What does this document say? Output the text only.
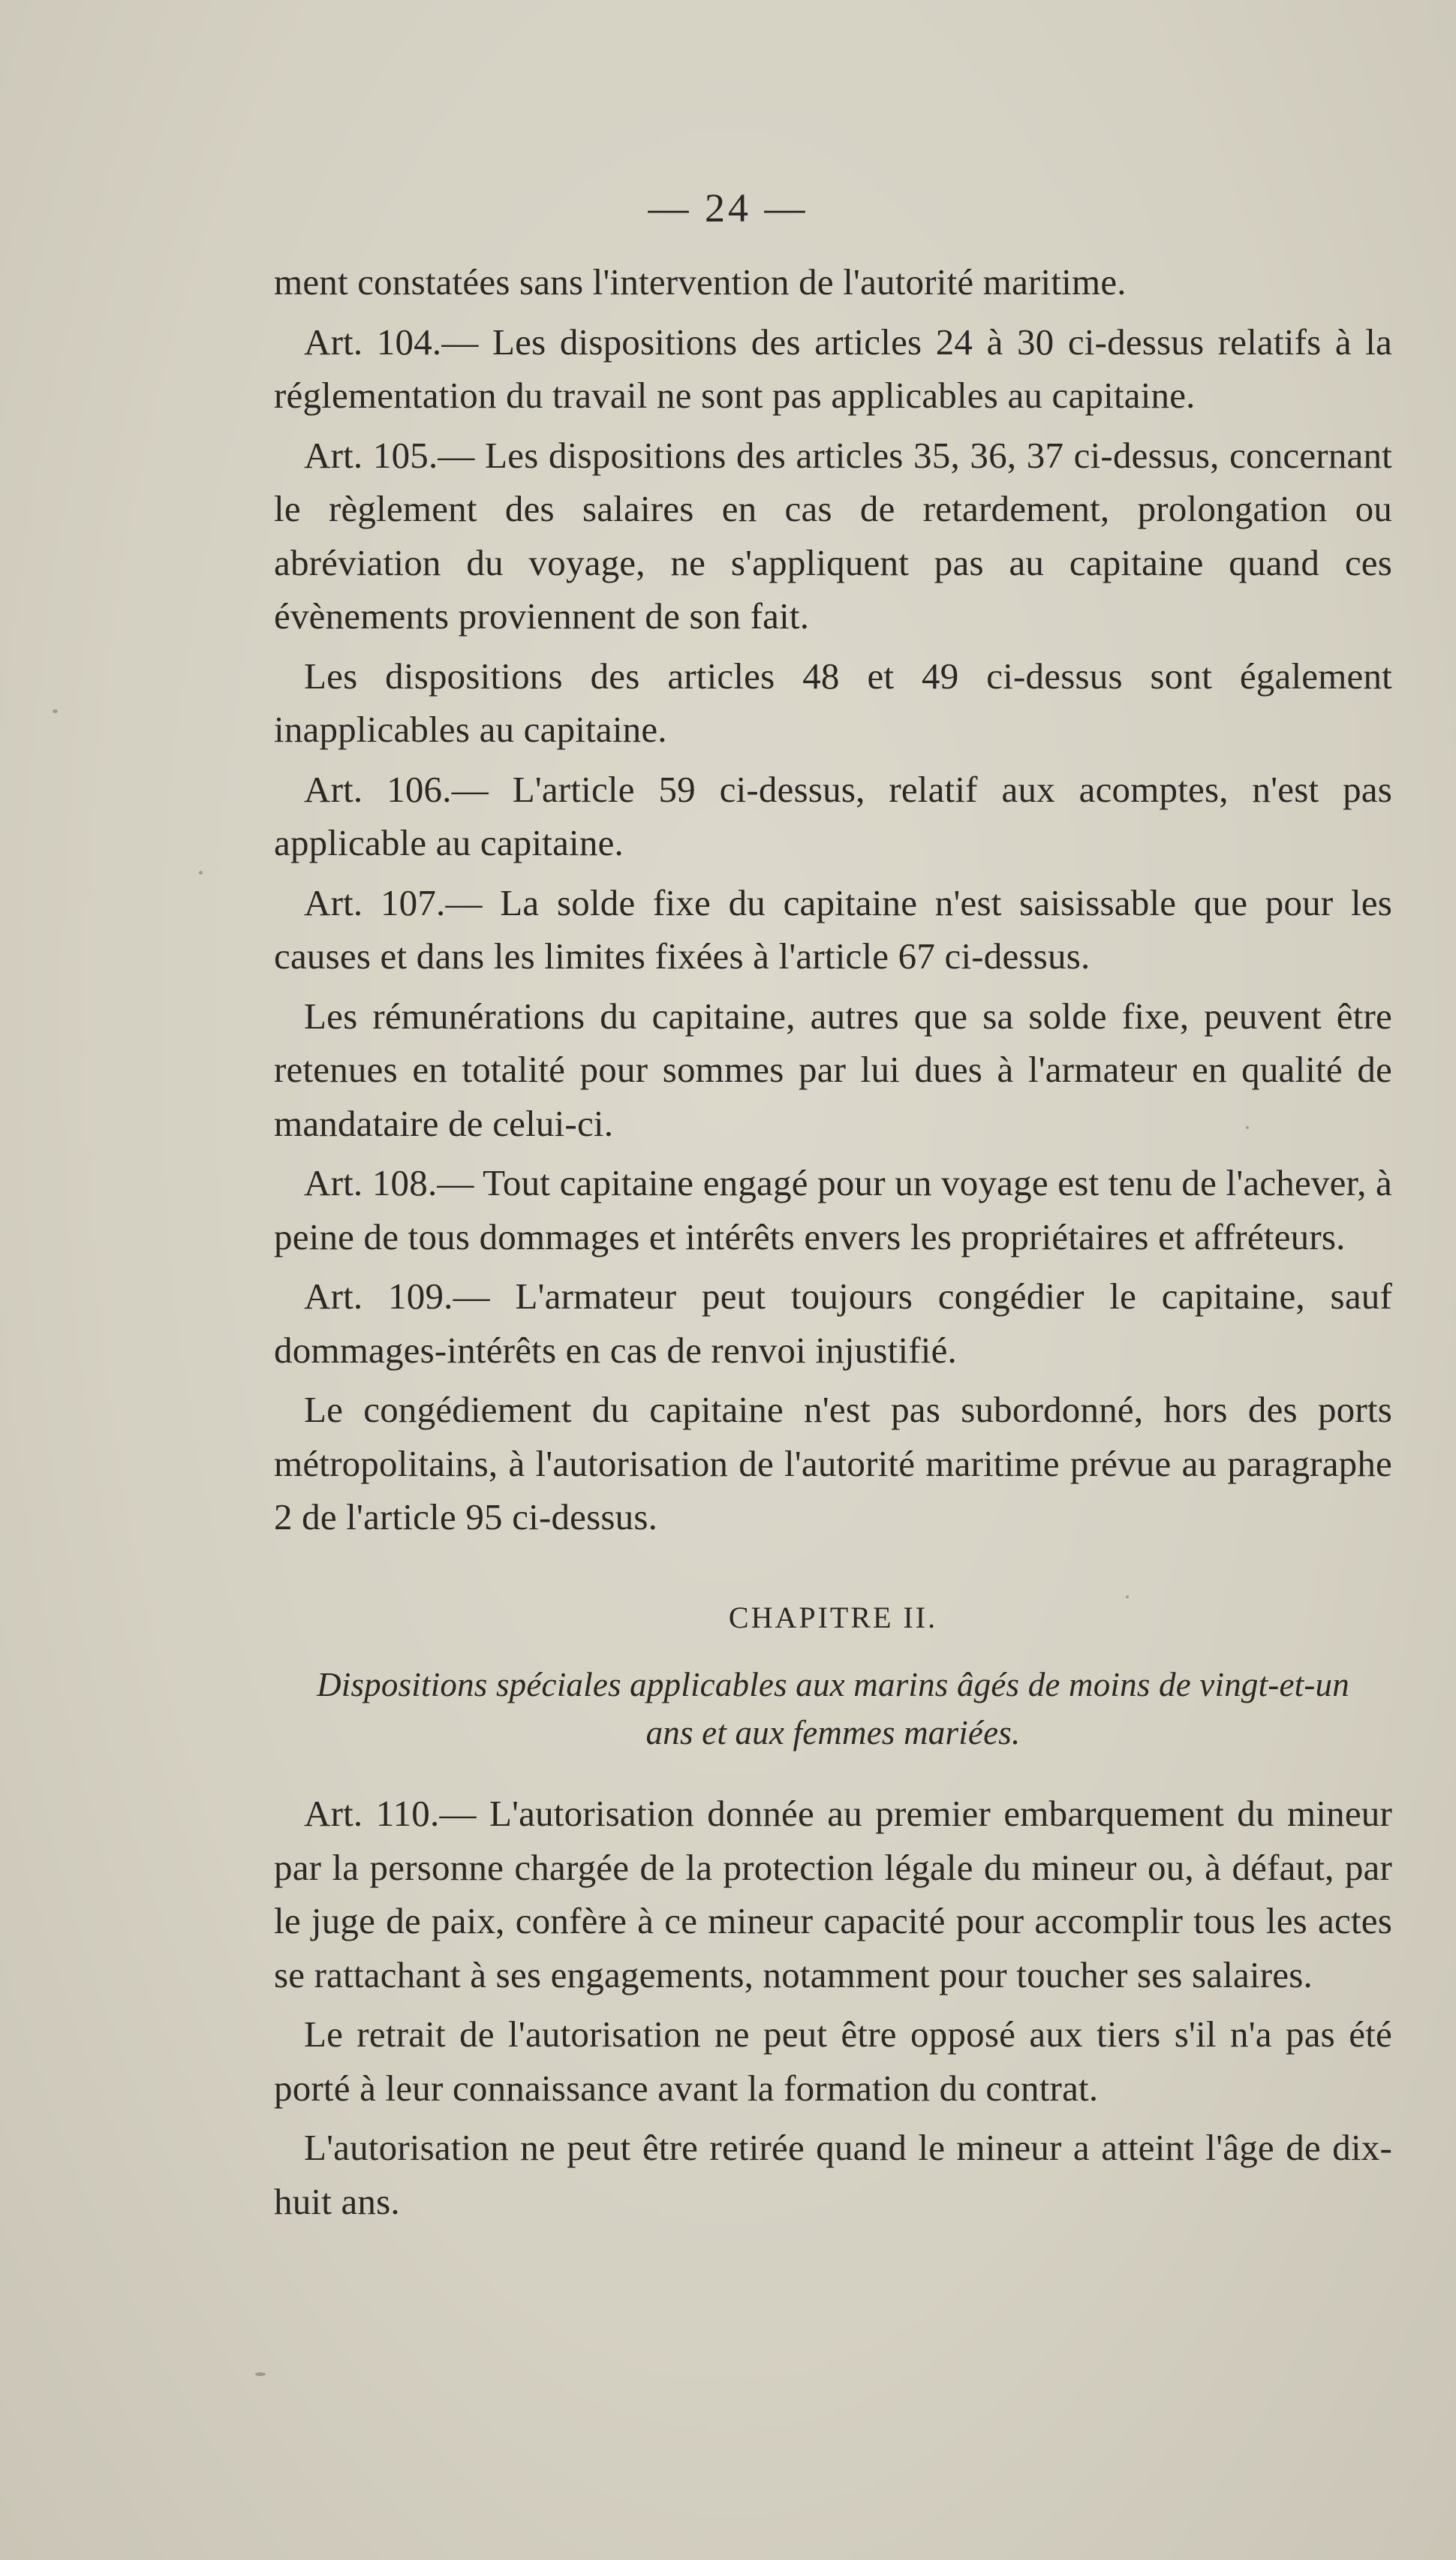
— 24 —

ment constatées sans l'intervention de l'autorité maritime.

Art. 104.— Les dispositions des articles 24 à 30 ci-dessus relatifs à la réglementation du travail ne sont pas applicables au capitaine.

Art. 105.— Les dispositions des articles 35, 36, 37 ci-dessus, concernant le règlement des salaires en cas de retardement, prolongation ou abréviation du voyage, ne s'appliquent pas au capitaine quand ces évènements proviennent de son fait.

Les dispositions des articles 48 et 49 ci-dessus sont également inapplicables au capitaine.

Art. 106.— L'article 59 ci-dessus, relatif aux acomptes, n'est pas applicable au capitaine.

Art. 107.— La solde fixe du capitaine n'est saisissable que pour les causes et dans les limites fixées à l'article 67 ci-dessus.

Les rémunérations du capitaine, autres que sa solde fixe, peuvent être retenues en totalité pour sommes par lui dues à l'armateur en qualité de mandataire de celui-ci.

Art. 108.— Tout capitaine engagé pour un voyage est tenu de l'achever, à peine de tous dommages et intérêts envers les propriétaires et affréteurs.

Art. 109.— L'armateur peut toujours congédier le capitaine, sauf dommages-intérêts en cas de renvoi injustifié.

Le congédiement du capitaine n'est pas subordonné, hors des ports métropolitains, à l'autorisation de l'autorité maritime prévue au paragraphe 2 de l'article 95 ci-dessus.

CHAPITRE II.

Dispositions spéciales applicables aux marins âgés de moins de vingt-et-un ans et aux femmes mariées.

Art. 110.— L'autorisation donnée au premier embarquement du mineur par la personne chargée de la protection légale du mineur ou, à défaut, par le juge de paix, confère à ce mineur capacité pour accomplir tous les actes se rattachant à ses engagements, notamment pour toucher ses salaires.

Le retrait de l'autorisation ne peut être opposé aux tiers s'il n'a pas été porté à leur connaissance avant la formation du contrat.

L'autorisation ne peut être retirée quand le mineur a atteint l'âge de dix-huit ans.
